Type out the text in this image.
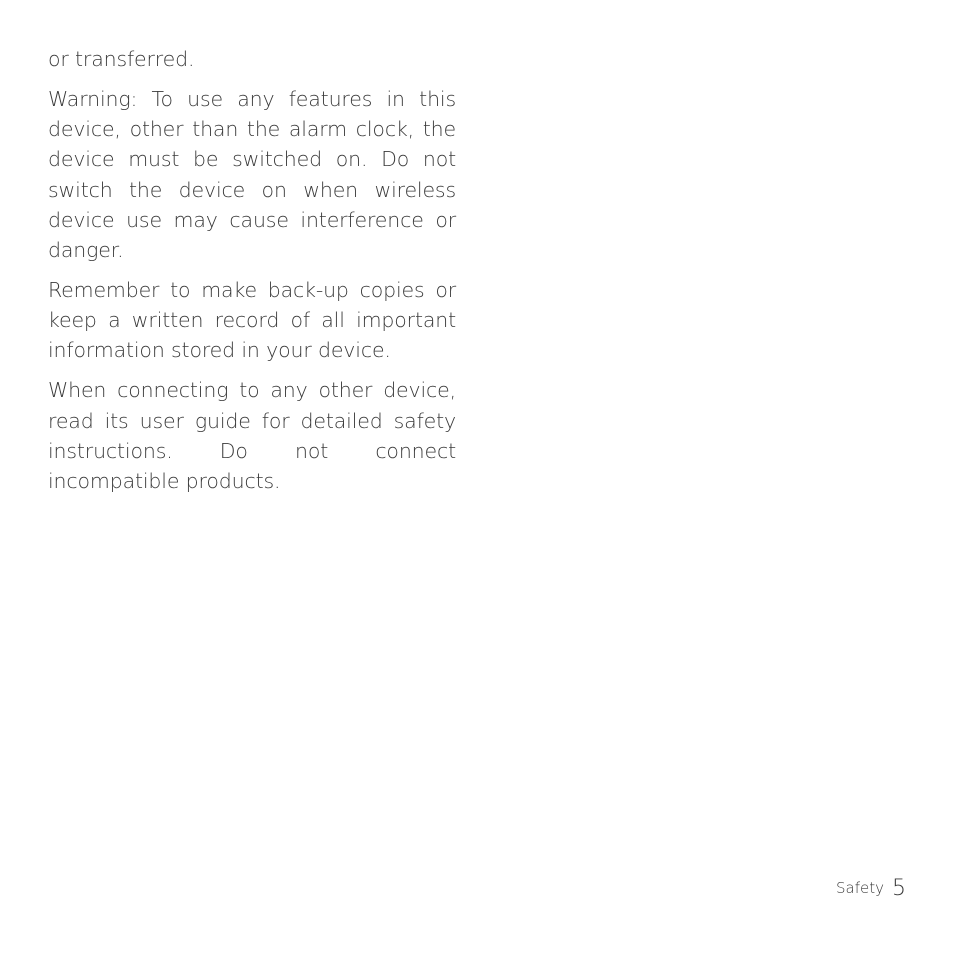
or transferred.

Warning: To use any features in this device, other than the alarm clock, the device must be switched on. Do not switch the device on when wireless device use may cause interference or danger.

Remember to make back-up copies or keep a written record of all important information stored in your device.

When connecting to any other device, read its user guide for detailed safety instructions. Do not connect incompatible products.

Safety 5
